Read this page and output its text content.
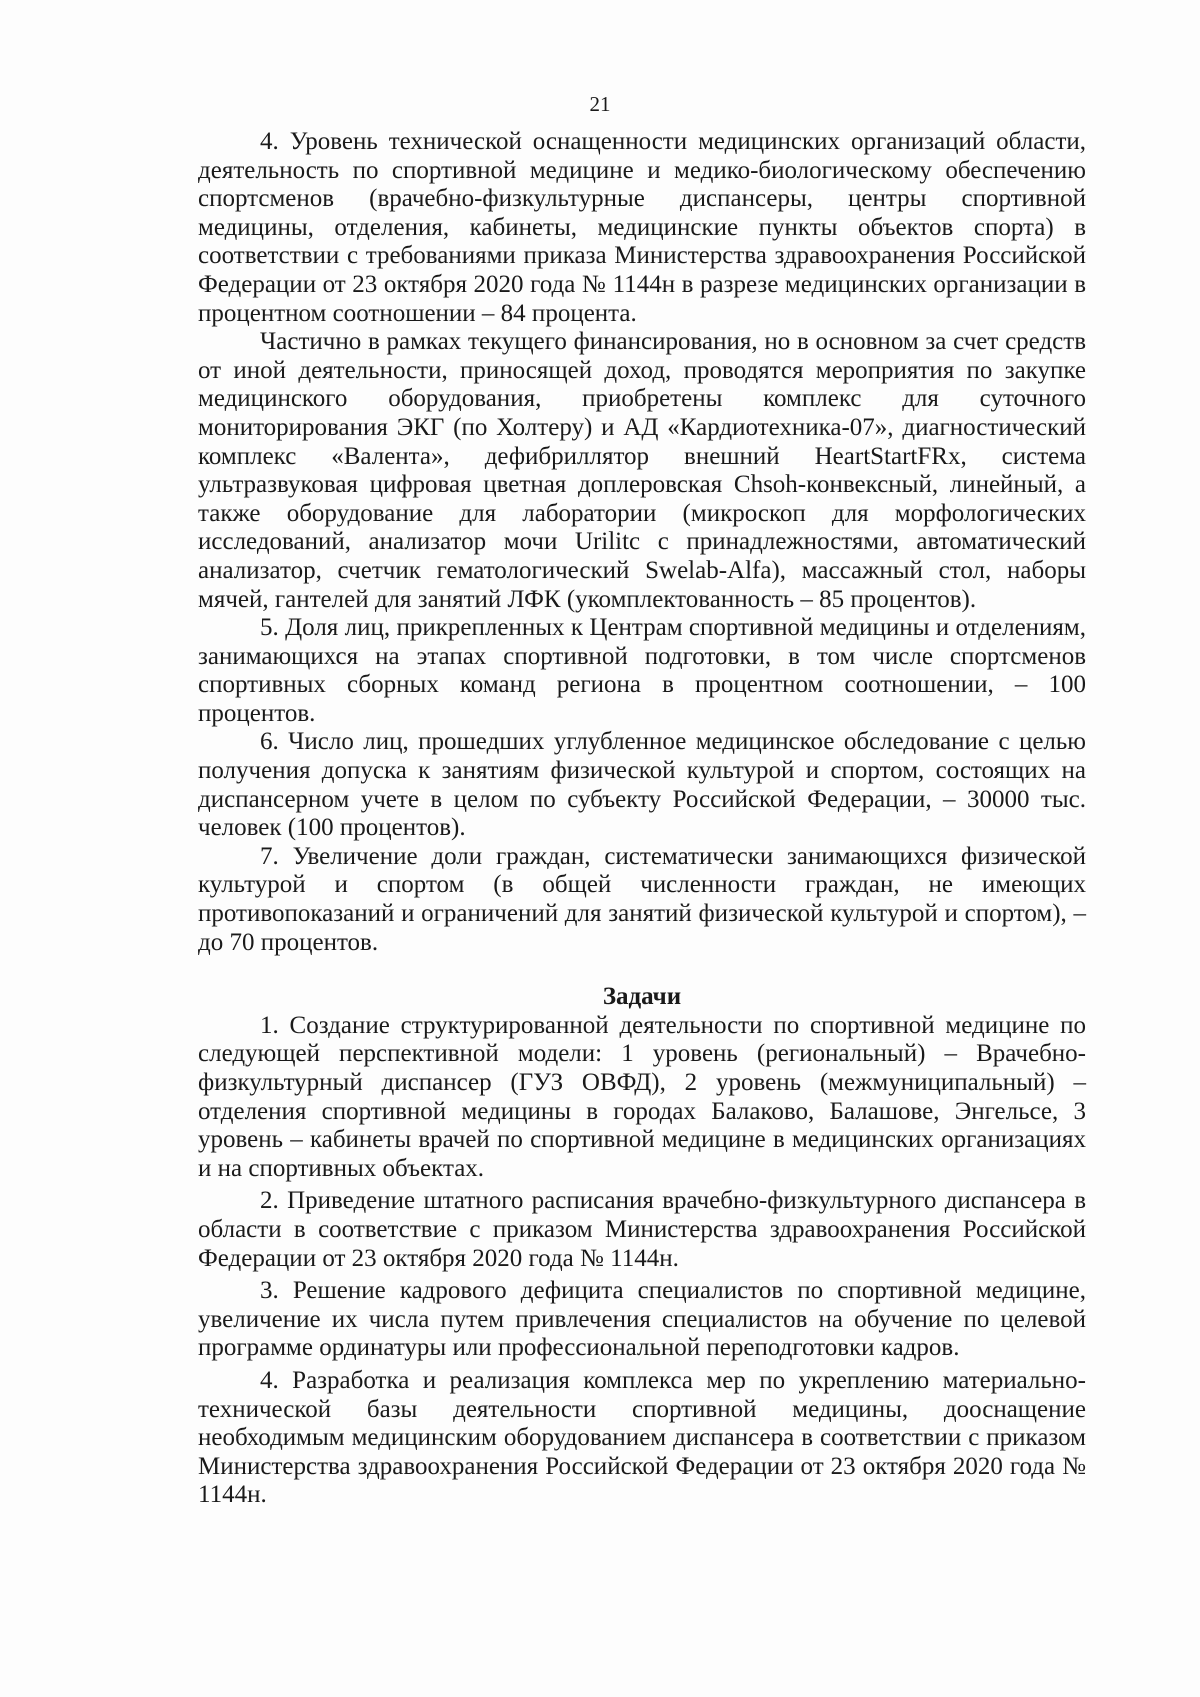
21

4. Уровень технической оснащенности медицинских организаций области, деятельность по спортивной медицине и медико-биологическому обеспечению спортсменов (врачебно-физкультурные диспансеры, центры спортивной медицины, отделения, кабинеты, медицинские пункты объектов спорта) в соответствии с требованиями приказа Министерства здравоохранения Российской Федерации от 23 октября 2020 года № 1144н в разрезе медицинских организации в процентном соотношении – 84 процента.

Частично в рамках текущего финансирования, но в основном за счет средств от иной деятельности, приносящей доход, проводятся мероприятия по закупке медицинского оборудования, приобретены комплекс для суточного мониторирования ЭКГ (по Холтеру) и АД «Кардиотехника-07», диагностический комплекс «Валента», дефибриллятор внешний HeartStartFRx, система ультразвуковая цифровая цветная доплеровская Chsoh-конвексный, линейный, а также оборудование для лаборатории (микроскоп для морфологических исследований, анализатор мочи Urilitc с принадлежностями, автоматический анализатор, счетчик гематологический Swelab-Alfa), массажный стол, наборы мячей, гантелей для занятий ЛФК (укомплектованность – 85 процентов).

5. Доля лиц, прикрепленных к Центрам спортивной медицины и отделениям, занимающихся на этапах спортивной подготовки, в том числе спортсменов спортивных сборных команд региона в процентном соотношении, – 100 процентов.

6. Число лиц, прошедших углубленное медицинское обследование с целью получения допуска к занятиям физической культурой и спортом, состоящих на диспансерном учете в целом по субъекту Российской Федерации, – 30000 тыс. человек (100 процентов).

7. Увеличение доли граждан, систематически занимающихся физической культурой и спортом (в общей численности граждан, не имеющих противопоказаний и ограничений для занятий физической культурой и спортом), – до 70 процентов.

Задачи

1. Создание структурированной деятельности по спортивной медицине по следующей перспективной модели: 1 уровень (региональный) – Врачебно-физкультурный диспансер (ГУЗ ОВФД), 2 уровень (межмуниципальный) – отделения спортивной медицины в городах Балаково, Балашове, Энгельсе, 3 уровень – кабинеты врачей по спортивной медицине в медицинских организациях и на спортивных объектах.

2. Приведение штатного расписания врачебно-физкультурного диспансера в области в соответствие с приказом Министерства здравоохранения Российской Федерации от 23 октября 2020 года № 1144н.

3. Решение кадрового дефицита специалистов по спортивной медицине, увеличение их числа путем привлечения специалистов на обучение по целевой программе ординатуры или профессиональной переподготовки кадров.

4. Разработка и реализация комплекса мер по укреплению материально-технической базы деятельности спортивной медицины, дооснащение необходимым медицинским оборудованием диспансера в соответствии с приказом Министерства здравоохранения Российской Федерации от 23 октября 2020 года № 1144н.
